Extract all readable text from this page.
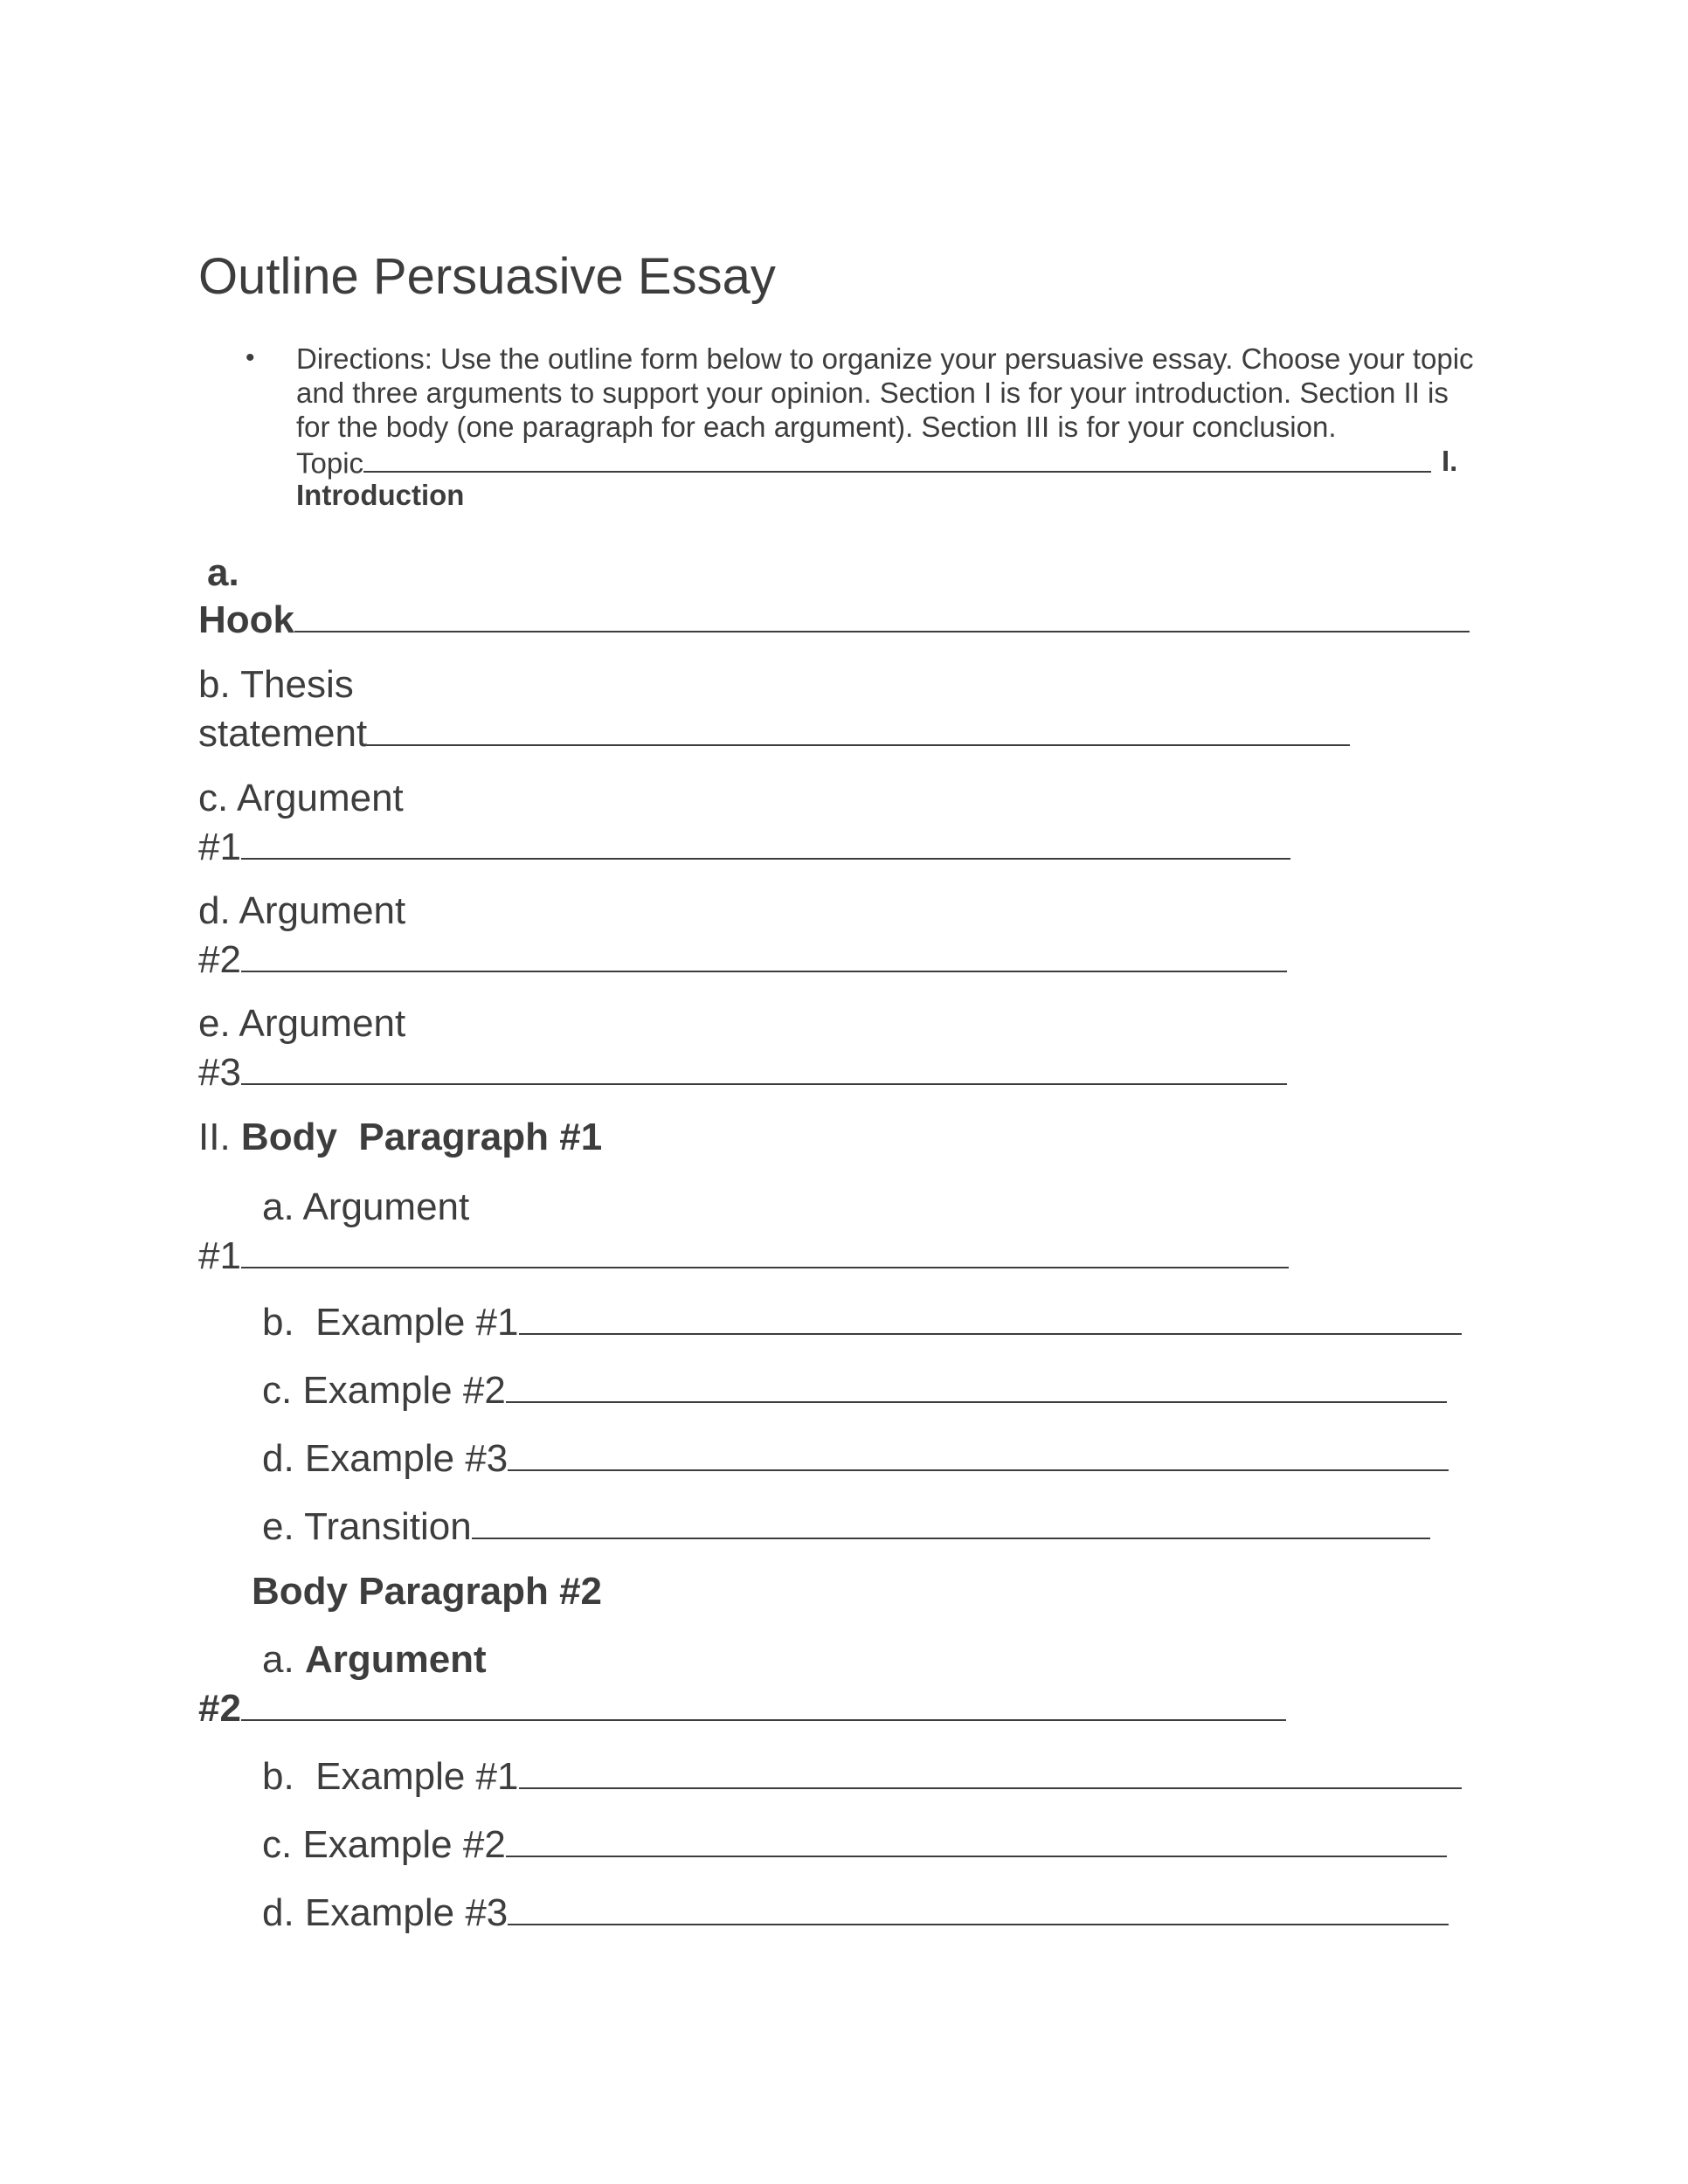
Outline Persuasive Essay
• Directions: Use the outline form below to organize your persuasive essay. Choose your topic
and three arguments to support your opinion. Section I is for your introduction. Section II is
for the body (one paragraph for each argument). Section III is for your conclusion.
Topic	I.
Introduction
a.
Hook
b. Thesis
statement
c. Argument
#1
d. Argument
#2
e. Argument
#3
II. Body  Paragraph #1
a. Argument
#1
b.  Example #1
c. Example #2
d. Example #3
e. Transition
Body Paragraph #2
a. Argument
#2
b.  Example #1
c. Example #2
d. Example #3
